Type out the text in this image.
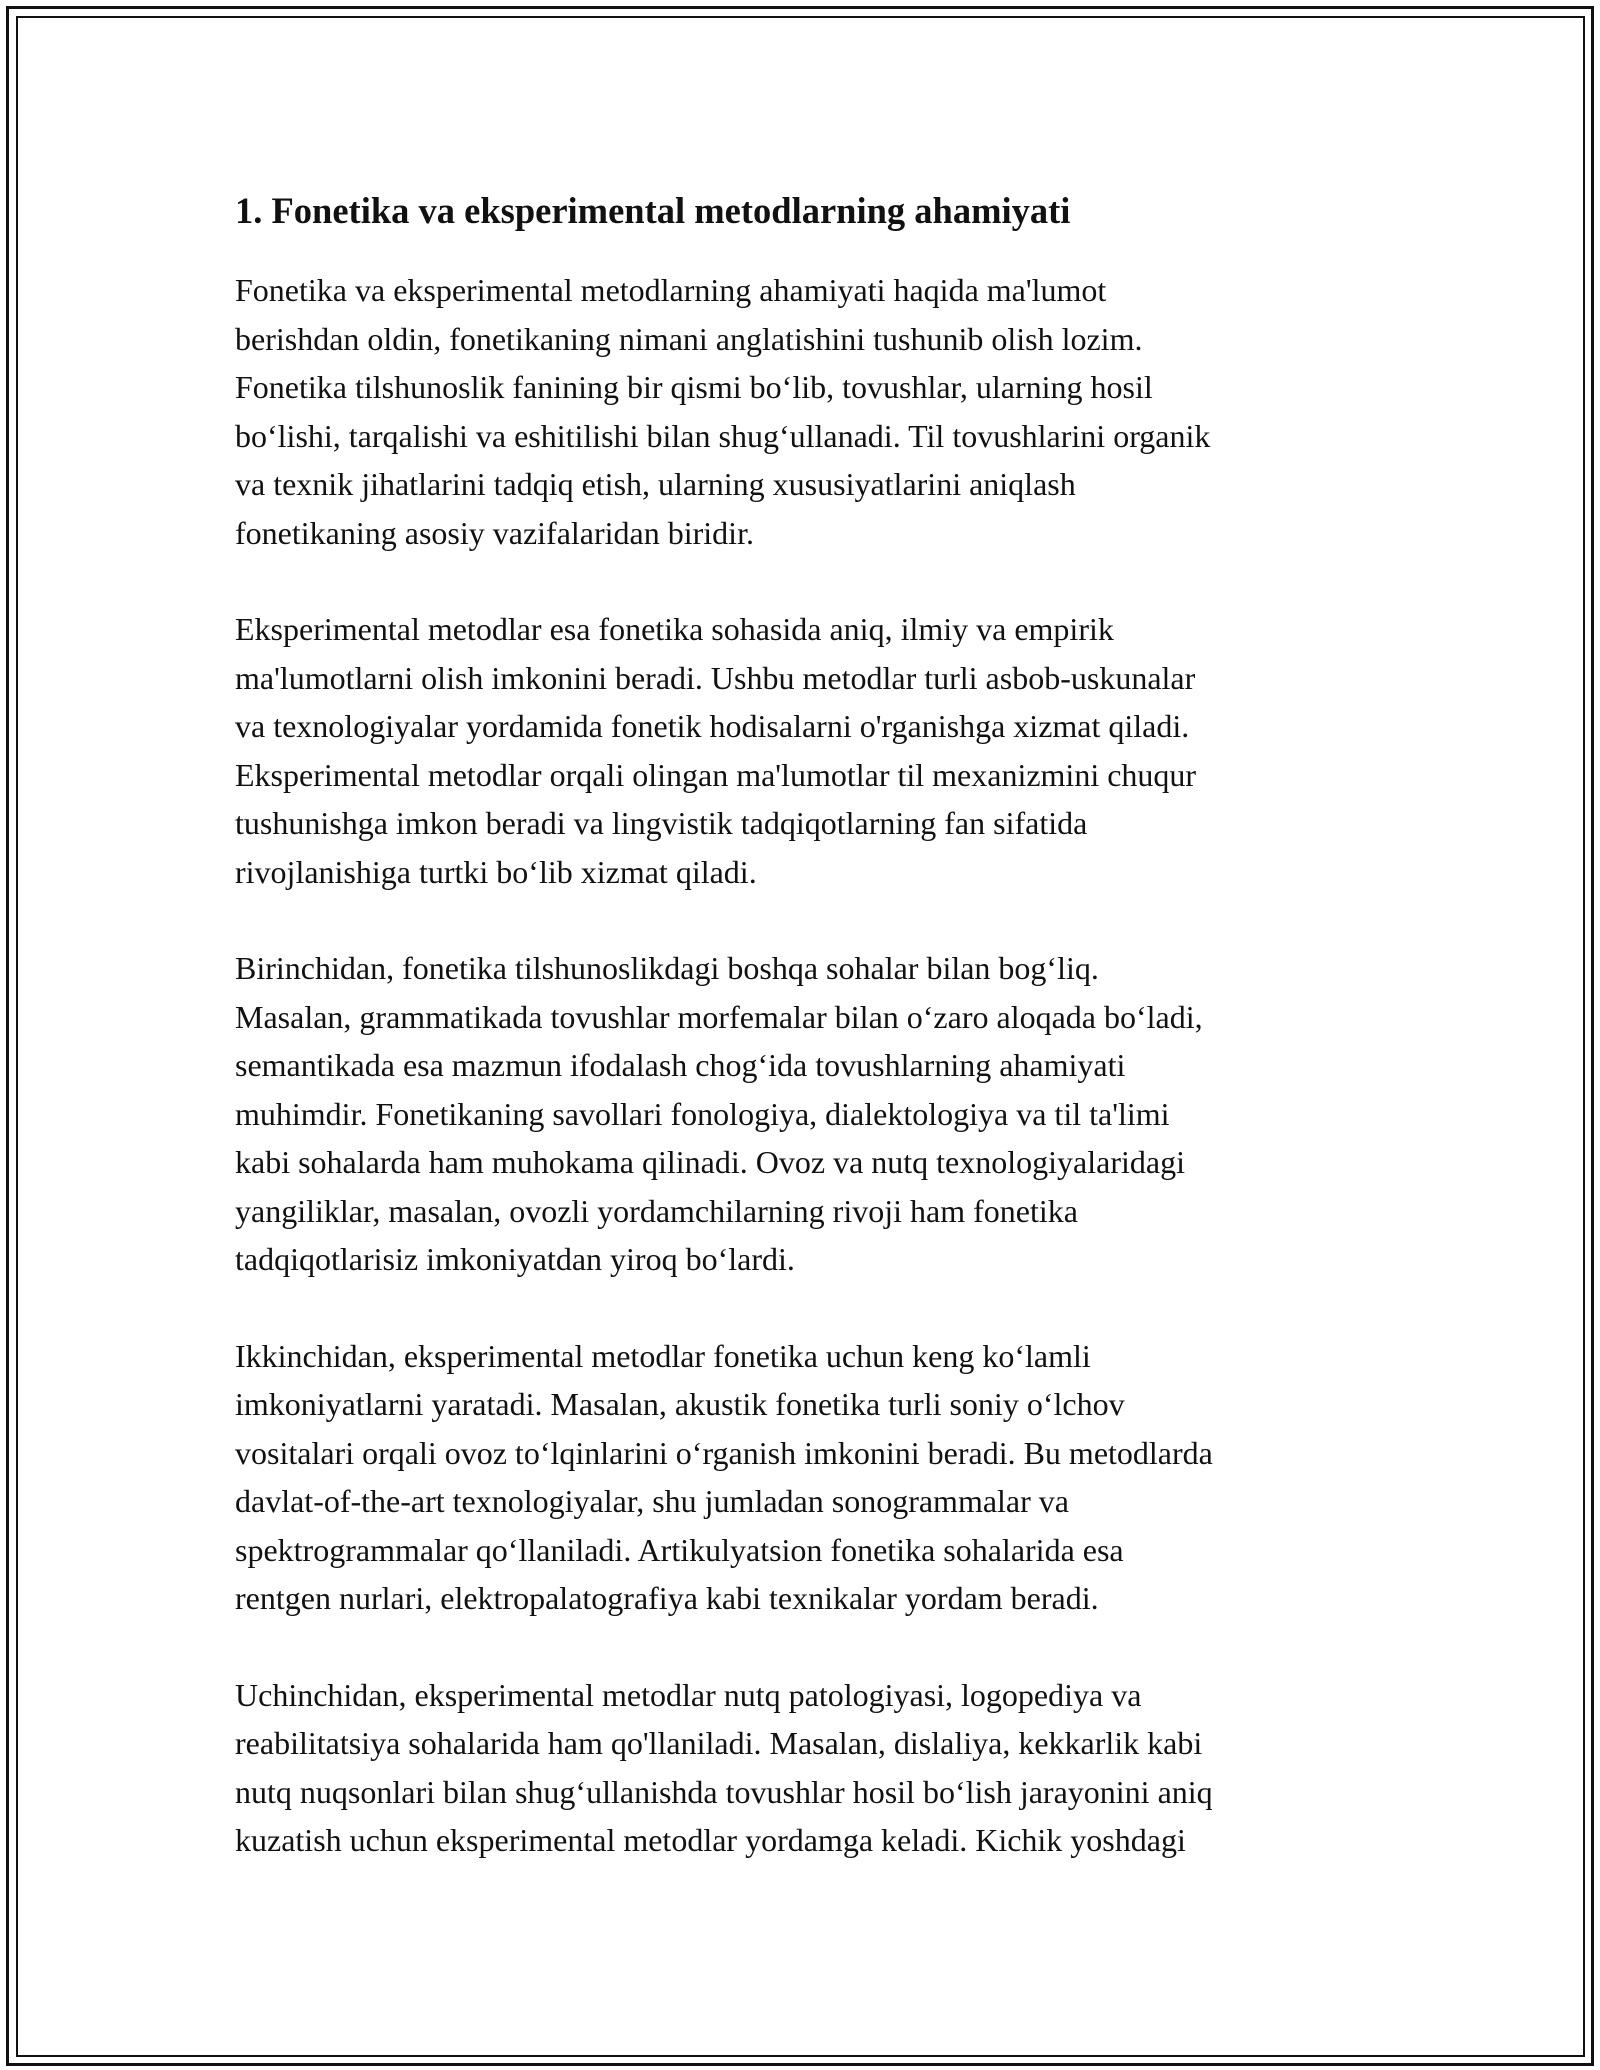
1. Fonetika va eksperimental metodlarning ahamiyati

Fonetika va eksperimental metodlarning ahamiyati haqida ma'lumot
berishdan oldin, fonetikaning nimani anglatishini tushunib olish lozim.
Fonetika tilshunoslik fanining bir qismi bo‘lib, tovushlar, ularning hosil
bo‘lishi, tarqalishi va eshitilishi bilan shug‘ullanadi. Til tovushlarini organik
va texnik jihatlarini tadqiq etish, ularning xususiyatlarini aniqlash
fonetikaning asosiy vazifalaridan biridir.

Eksperimental metodlar esa fonetika sohasida aniq, ilmiy va empirik
ma'lumotlarni olish imkonini beradi. Ushbu metodlar turli asbob-uskunalar
va texnologiyalar yordamida fonetik hodisalarni o'rganishga xizmat qiladi.
Eksperimental metodlar orqali olingan ma'lumotlar til mexanizmini chuqur
tushunishga imkon beradi va lingvistik tadqiqotlarning fan sifatida
rivojlanishiga turtki bo‘lib xizmat qiladi.

Birinchidan, fonetika tilshunoslikdagi boshqa sohalar bilan bog‘liq.
Masalan, grammatikada tovushlar morfemalar bilan o‘zaro aloqada bo‘ladi,
semantikada esa mazmun ifodalash chog‘ida tovushlarning ahamiyati
muhimdir. Fonetikaning savollari fonologiya, dialektologiya va til ta'limi
kabi sohalarda ham muhokama qilinadi. Ovoz va nutq texnologiyalaridagi
yangiliklar, masalan, ovozli yordamchilarning rivoji ham fonetika
tadqiqotlarisiz imkoniyatdan yiroq bo‘lardi.

Ikkinchidan, eksperimental metodlar fonetika uchun keng ko‘lamli
imkoniyatlarni yaratadi. Masalan, akustik fonetika turli soniy o‘lchov
vositalari orqali ovoz to‘lqinlarini o‘rganish imkonini beradi. Bu metodlarda
davlat-of-the-art texnologiyalar, shu jumladan sonogrammalar va
spektrogrammalar qo‘llaniladi. Artikulyatsion fonetika sohalarida esa
rentgen nurlari, elektropalatografiya kabi texnikalar yordam beradi.

Uchinchidan, eksperimental metodlar nutq patologiyasi, logopediya va
reabilitatsiya sohalarida ham qo'llaniladi. Masalan, dislaliya, kekkarlik kabi
nutq nuqsonlari bilan shug‘ullanishda tovushlar hosil bo‘lish jarayonini aniq
kuzatish uchun eksperimental metodlar yordamga keladi. Kichik yoshdagi
